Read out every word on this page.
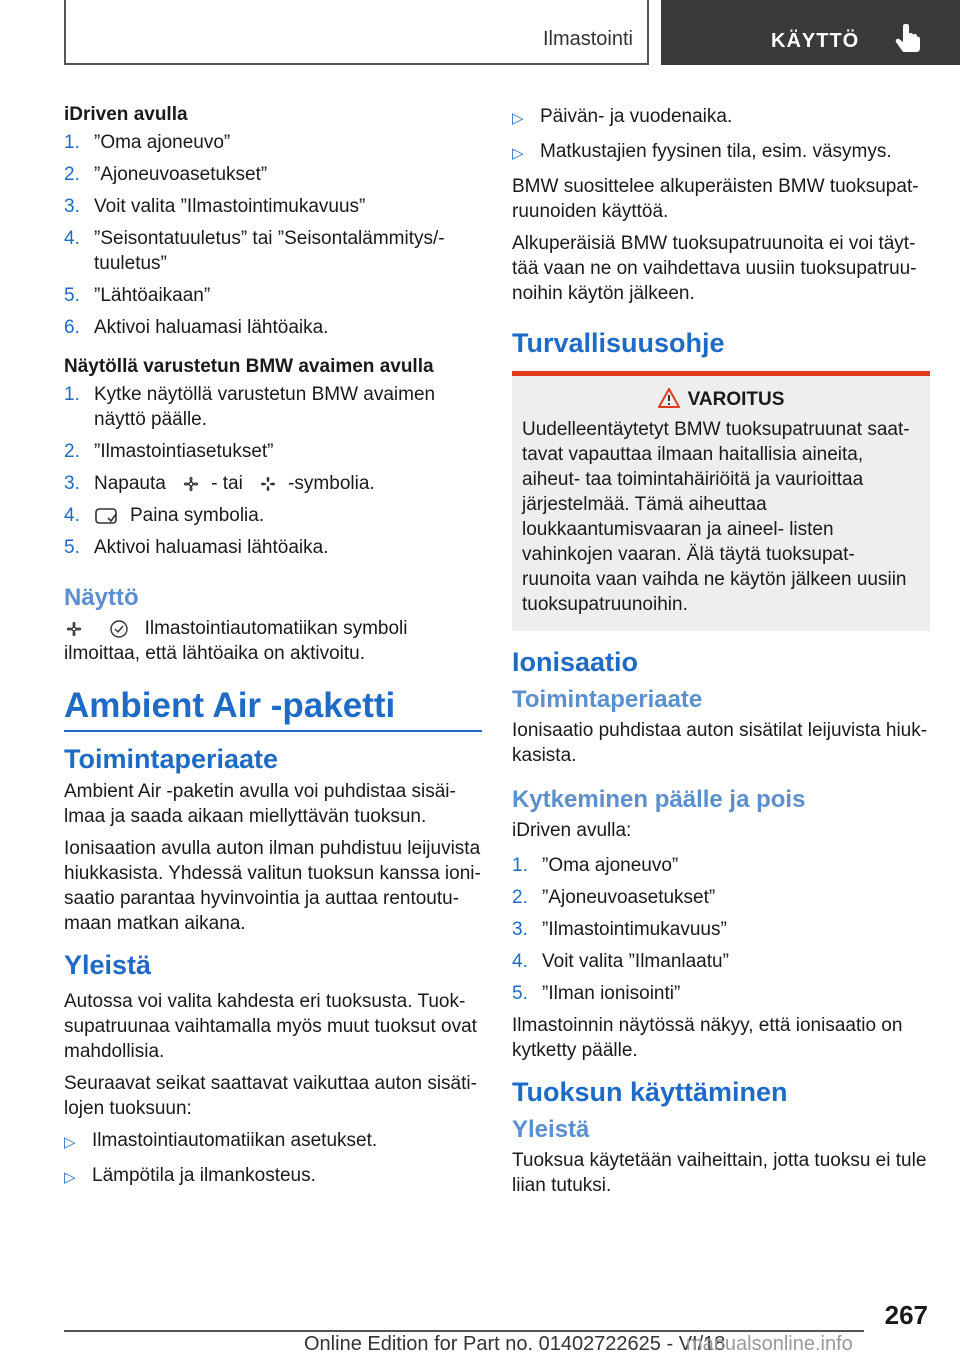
Ilmastointi	KÄYTTÖ
iDriven avulla
1. ”Oma ajoneuvo”
2. ”Ajoneuvoasetukset”
3. Voit valita ”Ilmastointimukavuus”
4. ”Seisontatuuletus” tai ”Seisontalämmitys/‐ tuuletus”
5. ”Lähtöaikaan”
6. Aktivoi haluamasi lähtöaika.
Näytöllä varustetun BMW avaimen avulla
1. Kytke näytöllä varustetun BMW avaimen näyttö päälle.
2. ”Ilmastointiasetukset”
3. Napauta - tai -symbolia.
4.	Paina symbolia.
5. Aktivoi haluamasi lähtöaika.
Näyttö

Ilmastointiautomatiikan symboli ilmoittaa, että lähtöaika on aktivoitu.

Ambient Air ‐paketti
Toimintaperiaate

Ambient Air ‐paketin avulla voi puhdistaa sisäi‐ lmaa ja saada aikaan miellyttävän tuoksun.

Ionisaation avulla auton ilman puhdistuu leijuvista hiukkasista. Yhdessä valitun tuoksun kanssa ioni‐ saatio parantaa hyvinvointia ja auttaa rentoutu‐ maan matkan aikana.

Yleistä

Autossa voi valita kahdesta eri tuoksusta. Tuok‐ supatruunaa vaihtamalla myös muut tuoksut ovat mahdollisia.

Seuraavat seikat saattavat vaikuttaa auton sisäti‐ lojen tuoksuun:

▷ Ilmastointiautomatiikan asetukset.
▷ Lämpötila ja ilmankosteus.
▷ Päivän- ja vuodenaika.
▷ Matkustajien fyysinen tila, esim. väsymys.

BMW suosittelee alkuperäisten BMW tuoksupat‐ ruunoiden käyttöä.

Alkuperäisiä BMW tuoksupatruunoita ei voi täyt‐ tää vaan ne on vaihdettava uusiin tuoksupatruu‐ noihin käytön jälkeen.

Turvallisuusohje
VAROITUS

Uudelleentäytetyt BMW tuoksupatruunat saat‐ tavat vapauttaa ilmaan haitallisia aineita, aiheut‐ taa toimintahäiriöitä ja vaurioittaa järjestelmää. Tämä aiheuttaa loukkaantumisvaaran ja aineel‐ listen vahinkojen vaaran. Älä täytä tuoksupat‐ ruunoita vaan vaihda ne käytön jälkeen uusiin tuoksupatruunoihin.

Ionisaatio
Toimintaperiaate

Ionisaatio puhdistaa auton sisätilat leijuvista hiuk‐ kasista.

Kytkeminen päälle ja pois

iDriven avulla:

1. ”Oma ajoneuvo”
2. ”Ajoneuvoasetukset”
3. ”Ilmastointimukavuus”
4. Voit valita ”Ilmanlaatu”
5. ”Ilman ionisointi”

Ilmastoinnin näytössä näkyy, että ionisaatio on kytketty päälle.

Tuoksun käyttäminen
Yleistä

Tuoksua käytetään vaiheittain, jotta tuoksu ei tule liian tutuksi.

267
Online Edition for Part no. 01402722625 - VI/18
manualsonline.info
